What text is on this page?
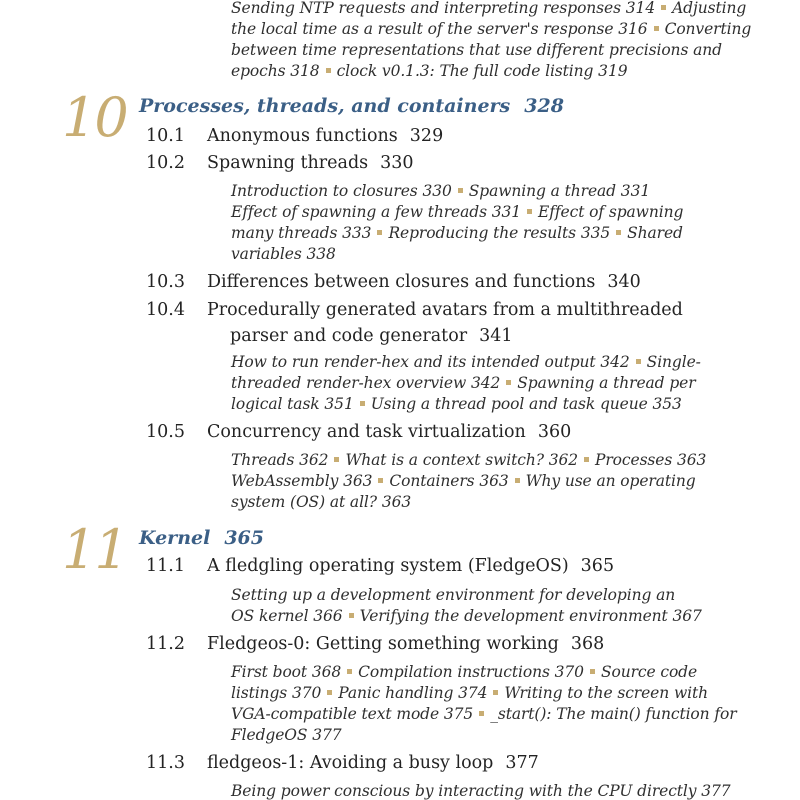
Sending NTP requests and interpreting responses 314 Adjusting
the local time as a result of the server's response 316 Converting
between time representations that use different precisions and
epochs 318 clock v0.1.3: The full code listing 319
10 Processes, threads, and containers 328
10.1 Anonymous functions 329
10.2 Spawning threads 330
Introduction to closures 330 Spawning a thread 331
Effect of spawning a few threads 331 Effect of spawning
many threads 333 Reproducing the results 335 Shared
variables 338
10.3 Differences between closures and functions 340
10.4 Procedurally generated avatars from a multithreaded
parser and code generator 341
How to run render-hex and its intended output 342 Single-
threaded render-hex overview 342 Spawning a thread per
logical task 351 Using a thread pool and task queue 353
10.5 Concurrency and task virtualization 360
Threads 362 What is a context switch? 362 Processes 363
WebAssembly 363 Containers 363 Why use an operating
system (OS) at all? 363
11 Kernel 365
11.1 A fledgling operating system (FledgeOS) 365
Setting up a development environment for developing an
OS kernel 366 Verifying the development environment 367
11.2 Fledgeos-0: Getting something working 368
First boot 368 Compilation instructions 370 Source code
listings 370 Panic handling 374 Writing to the screen with
VGA-compatible text mode 375 _start(): The main() function for
FledgeOS 377
11.3 fledgeos-1: Avoiding a busy loop 377
Being power conscious by interacting with the CPU directly 377
